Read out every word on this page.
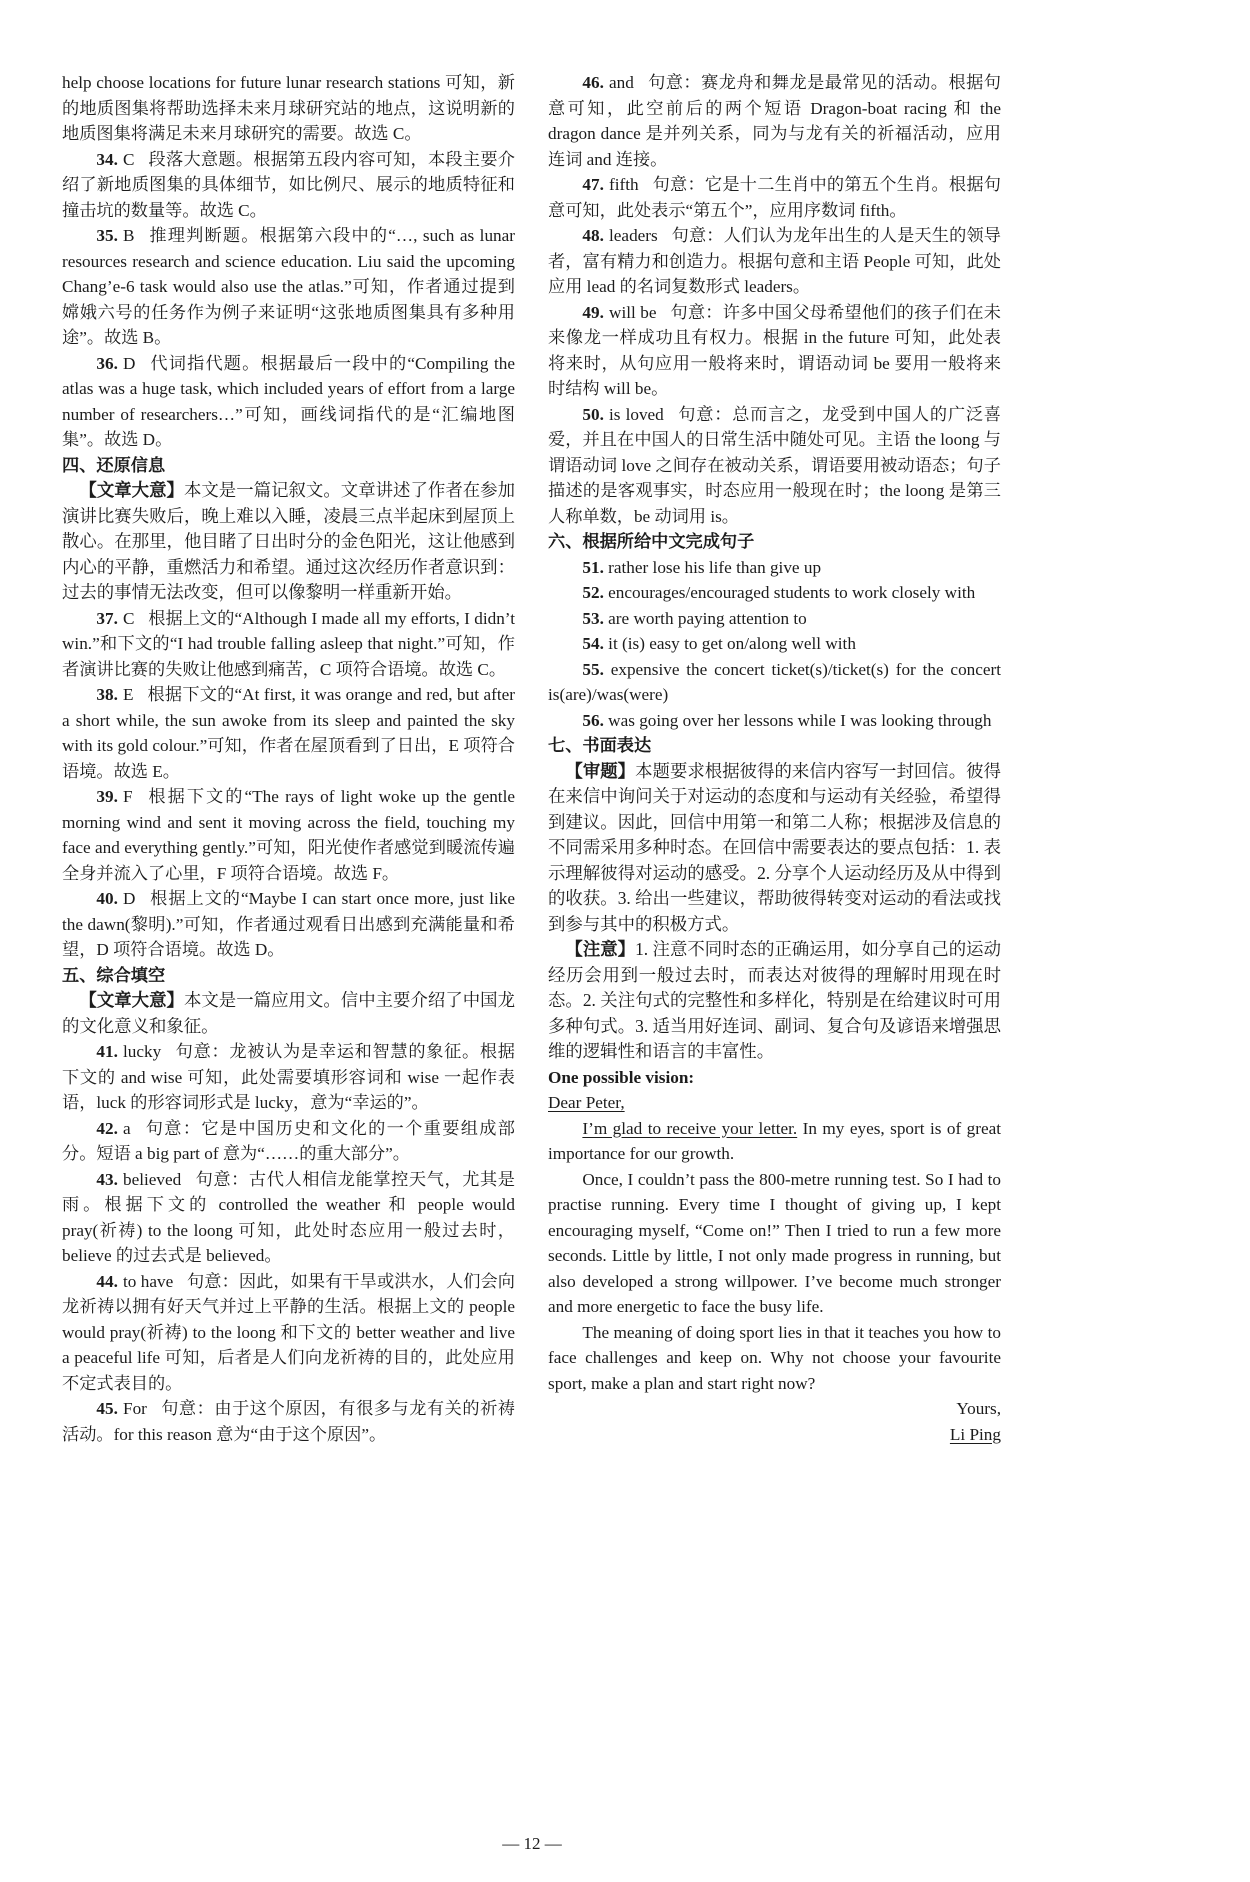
help choose locations for future lunar research stations 可知，新的地质图集将帮助选择未来月球研究站的地点，这说明新的地质图集将满足未来月球研究的需要。故选 C。

34. C 段落大意题。根据第五段内容可知，本段主要介绍了新地质图集的具体细节，如比例尺、展示的地质特征和撞击坑的数量等。故选 C。

35. B 推理判断题。根据第六段中的“…, such as lunar resources research and science education. Liu said the upcoming Chang’e-6 task would also use the atlas.”可知，作者通过提到嫦娥六号的任务作为例子来证明“这张地质图集具有多种用途”。故选 B。

36. D 代词指代题。根据最后一段中的“Compiling the atlas was a huge task, which included years of effort from a large number of researchers…”可知，画线词指代的是“汇编地图集”。故选 D。

四、还原信息

【文章大意】本文是一篇记叙文。文章讲述了作者在参加演讲比赛失败后，晚上难以入睡，凌晨三点半起床到屋顶上散心。在那里，他目睹了日出时分的金色阳光，这让他感到内心的平静，重燃活力和希望。通过这次经历作者意识到：过去的事情无法改变，但可以像黎明一样重新开始。

37. C 根据上文的“Although I made all my efforts, I didn’t win.”和下文的“I had trouble falling asleep that night.”可知，作者演讲比赛的失败让他感到痛苦，C 项符合语境。故选 C。

38. E 根据下文的“At first, it was orange and red, but after a short while, the sun awoke from its sleep and painted the sky with its gold colour.”可知，作者在屋顶看到了日出，E 项符合语境。故选 E。

39. F 根据下文的“The rays of light woke up the gentle morning wind and sent it moving across the field, touching my face and everything gently.”可知，阳光使作者感觉到暖流传遍全身并流入了心里，F 项符合语境。故选 F。

40. D 根据上文的“Maybe I can start once more, just like the dawn(黎明).”可知，作者通过观看日出感到充满能量和希望，D 项符合语境。故选 D。

五、综合填空

【文章大意】本文是一篇应用文。信中主要介绍了中国龙的文化意义和象征。

41. lucky 句意：龙被认为是幸运和智慧的象征。根据下文的 and wise 可知，此处需要填形容词和 wise 一起作表语，luck 的形容词形式是 lucky，意为“幸运的”。

42. a 句意：它是中国历史和文化的一个重要组成部分。短语 a big part of 意为“……的重大部分”。

43. believed 句意：古代人相信龙能掌控天气，尤其是雨。根据下文的 controlled the weather 和 people would pray(祈祷) to the loong 可知，此处时态应用一般过去时，believe 的过去式是 believed。

44. to have 句意：因此，如果有干旱或洪水，人们会向龙祈祷以拥有好天气并过上平静的生活。根据上文的 people would pray(祈祷) to the loong 和下文的 better weather and live a peaceful life 可知，后者是人们向龙祈祷的目的，此处应用不定式表目的。

45. For 句意：由于这个原因，有很多与龙有关的祈祷活动。for this reason 意为“由于这个原因”。

46. and 句意：赛龙舟和舞龙是最常见的活动。根据句意可知，此空前后的两个短语 Dragon-boat racing 和 the dragon dance 是并列关系，同为与龙有关的祈福活动，应用连词 and 连接。

47. fifth 句意：它是十二生肖中的第五个生肖。根据句意可知，此处表示“第五个”，应用序数词 fifth。

48. leaders 句意：人们认为龙年出生的人是天生的领导者，富有精力和创造力。根据句意和主语 People 可知，此处应用 lead 的名词复数形式 leaders。

49. will be 句意：许多中国父母希望他们的孩子们在未来像龙一样成功且有权力。根据 in the future 可知，此处表将来时，从句应用一般将来时，谓语动词 be 要用一般将来时结构 will be。

50. is loved 句意：总而言之，龙受到中国人的广泛喜爱，并且在中国人的日常生活中随处可见。主语 the loong 与谓语动词 love 之间存在被动关系，谓语要用被动语态；句子描述的是客观事实，时态应用一般现在时；the loong 是第三人称单数，be 动词用 is。

六、根据所给中文完成句子

51. rather lose his life than give up

52. encourages/encouraged students to work closely with

53. are worth paying attention to

54. it (is) easy to get on/along well with

55. expensive the concert ticket(s)/ticket(s) for the concert is(are)/was(were)

56. was going over her lessons while I was looking through

七、书面表达

【审题】本题要求根据彼得的来信内容写一封回信。彼得在来信中询问关于对运动的态度和与运动有关经验，希望得到建议。因此，回信中用第一和第二人称；根据涉及信息的不同需采用多种时态。在回信中需要表达的要点包括：1. 表示理解彼得对运动的感受。2. 分享个人运动经历及从中得到的收获。3. 给出一些建议，帮助彼得转变对运动的看法或找到参与其中的积极方式。

【注意】1. 注意不同时态的正确运用，如分享自己的运动经历会用到一般过去时，而表达对彼得的理解时用现在时态。2. 关注句式的完整性和多样化，特别是在给建议时可用多种句式。3. 适当用好连词、副词、复合句及谚语来增强思维的逻辑性和语言的丰富性。

One possible vision:

Dear Peter,

I’m glad to receive your letter. In my eyes, sport is of great importance for our growth.

Once, I couldn’t pass the 800-metre running test. So I had to practise running. Every time I thought of giving up, I kept encouraging myself, “Come on!” Then I tried to run a few more seconds. Little by little, I not only made progress in running, but also developed a strong willpower. I’ve become much stronger and more energetic to face the busy life.

The meaning of doing sport lies in that it teaches you how to face challenges and keep on. Why not choose your favourite sport, make a plan and start right now?

Yours,

Li Ping

— 12 —
